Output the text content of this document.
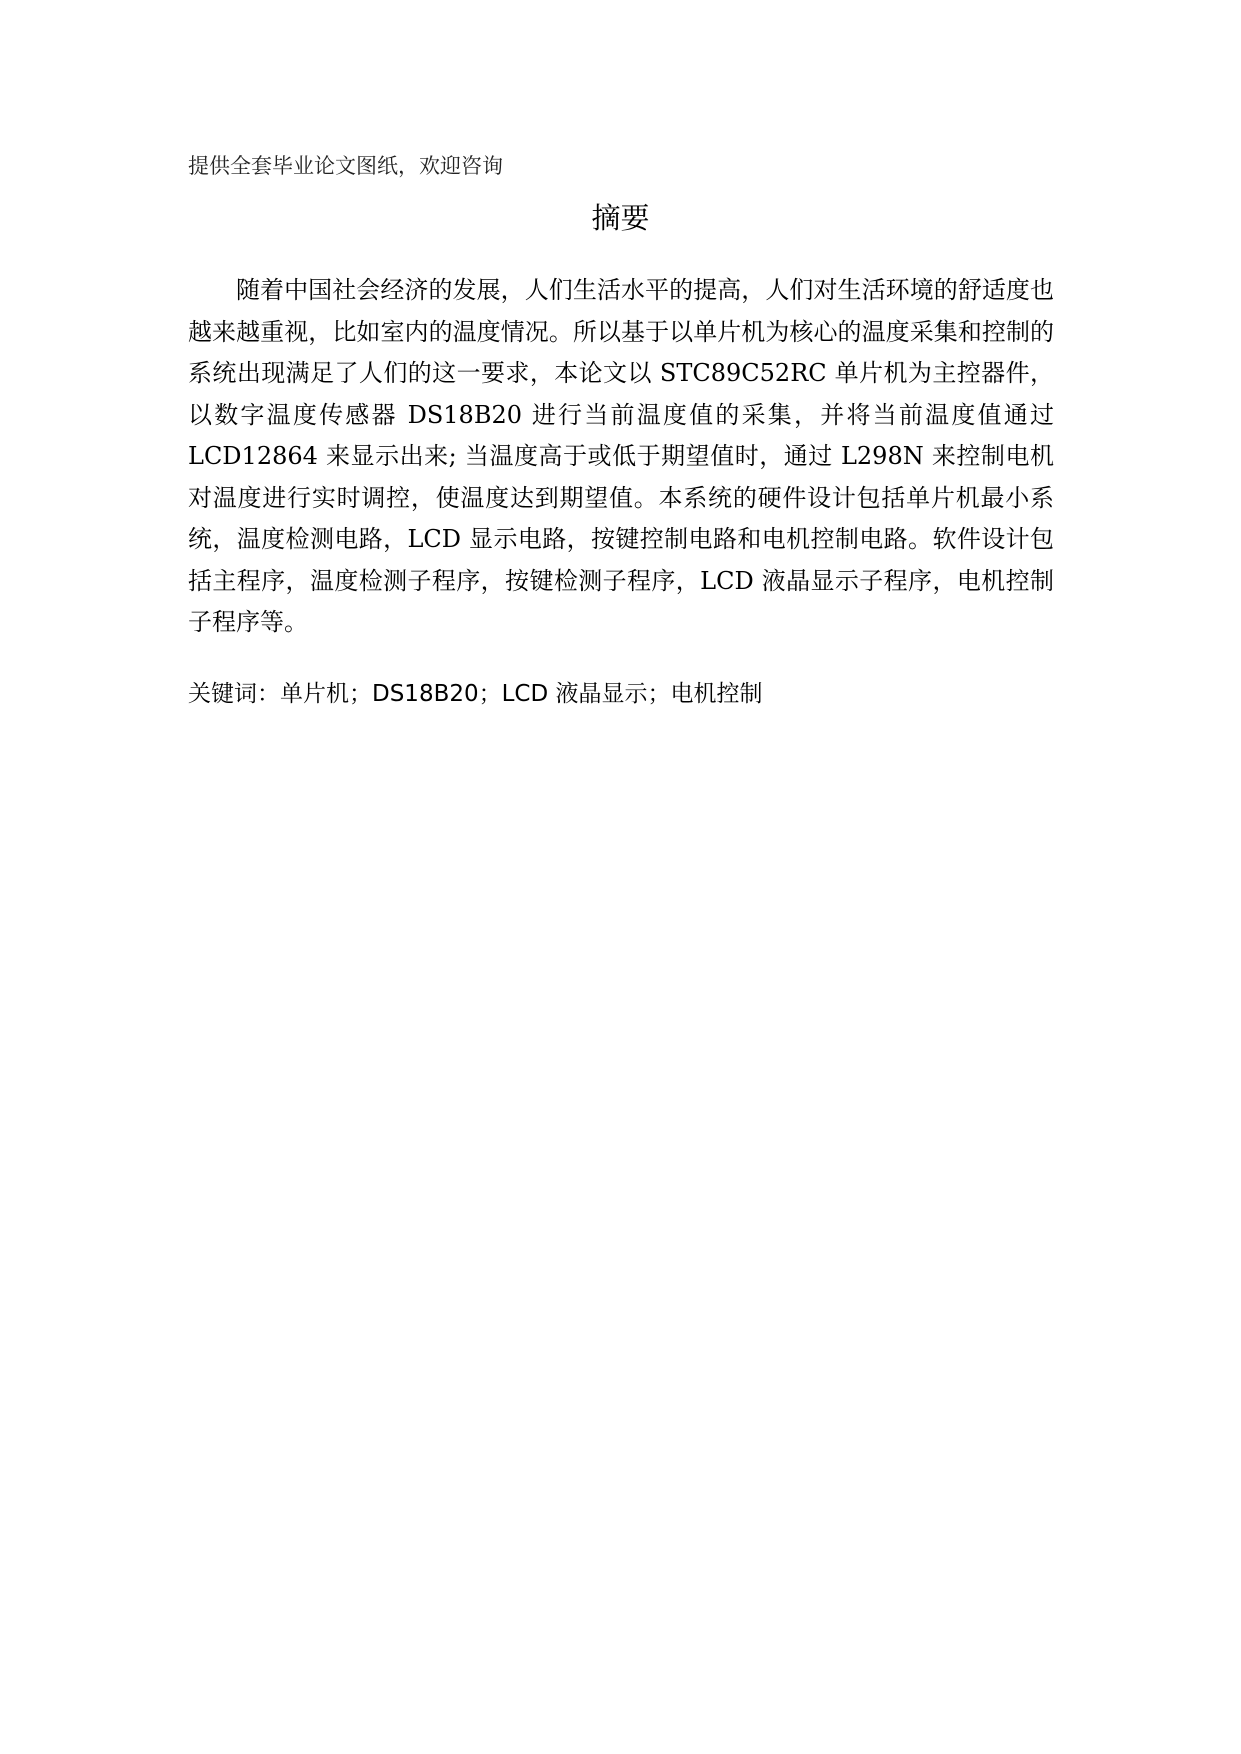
提供全套毕业论文图纸，欢迎咨询
摘要

随着中国社会经济的发展，人们生活水平的提高，人们对生活环境的舒适度也越来越重视，比如室内的温度情况。所以基于以单片机为核心的温度采集和控制的系统出现满足了人们的这一要求，本论文以 STC89C52RC 单片机为主控器件，以数字温度传感器 DS18B20 进行当前温度值的采集，并将当前温度值通过 LCD12864 来显示出来; 当温度高于或低于期望值时，通过 L298N 来控制电机对温度进行实时调控，使温度达到期望值。本系统的硬件设计包括单片机最小系统，温度检测电路，LCD 显示电路，按键控制电路和电机控制电路。软件设计包括主程序，温度检测子程序，按键检测子程序，LCD 液晶显示子程序，电机控制子程序等。

关键词：单片机；DS18B20；LCD 液晶显示；电机控制
